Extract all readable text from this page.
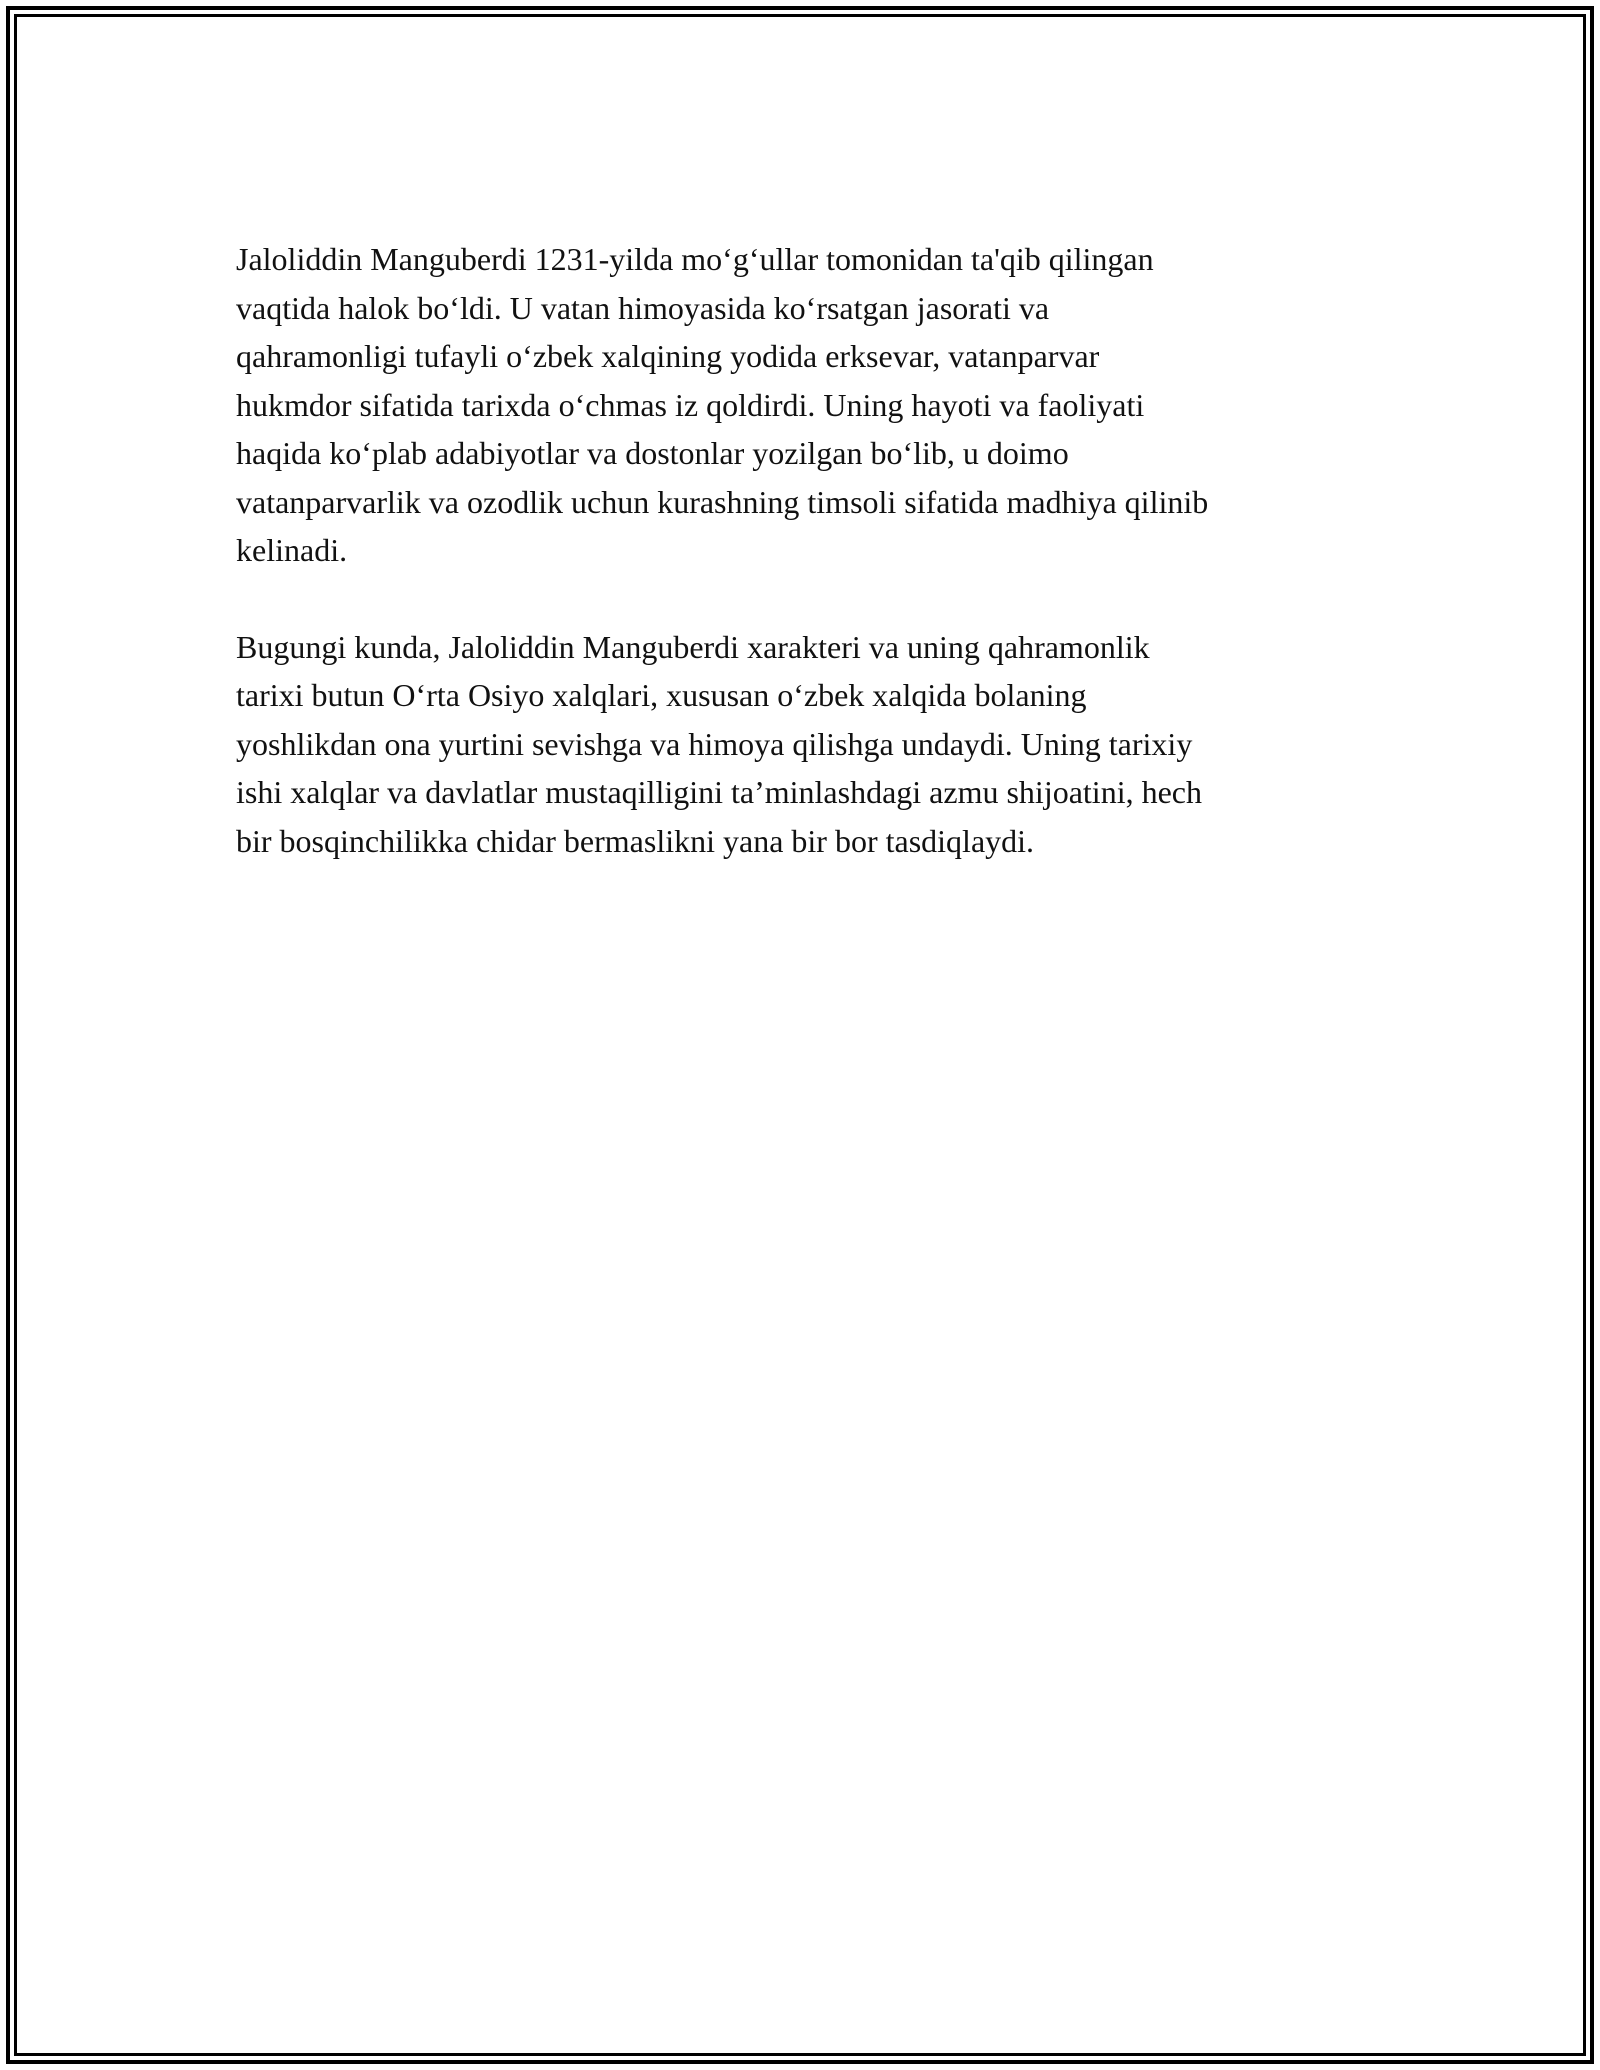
Jaloliddin Manguberdi 1231-yilda mo‘g‘ullar tomonidan ta'qib qilingan
vaqtida halok bo‘ldi. U vatan himoyasida ko‘rsatgan jasorati va
qahramonligi tufayli o‘zbek xalqining yodida erksevar, vatanparvar
hukmdor sifatida tarixda o‘chmas iz qoldirdi. Uning hayoti va faoliyati
haqida ko‘plab adabiyotlar va dostonlar yozilgan bo‘lib, u doimo
vatanparvarlik va ozodlik uchun kurashning timsoli sifatida madhiya qilinib
kelinadi.

Bugungi kunda, Jaloliddin Manguberdi xarakteri va uning qahramonlik
tarixi butun O‘rta Osiyo xalqlari, xususan o‘zbek xalqida bolaning
yoshlikdan ona yurtini sevishga va himoya qilishga undaydi. Uning tarixiy
ishi xalqlar va davlatlar mustaqilligini ta’minlashdagi azmu shijoatini, hech
bir bosqinchilikka chidar bermaslikni yana bir bor tasdiqlaydi.
